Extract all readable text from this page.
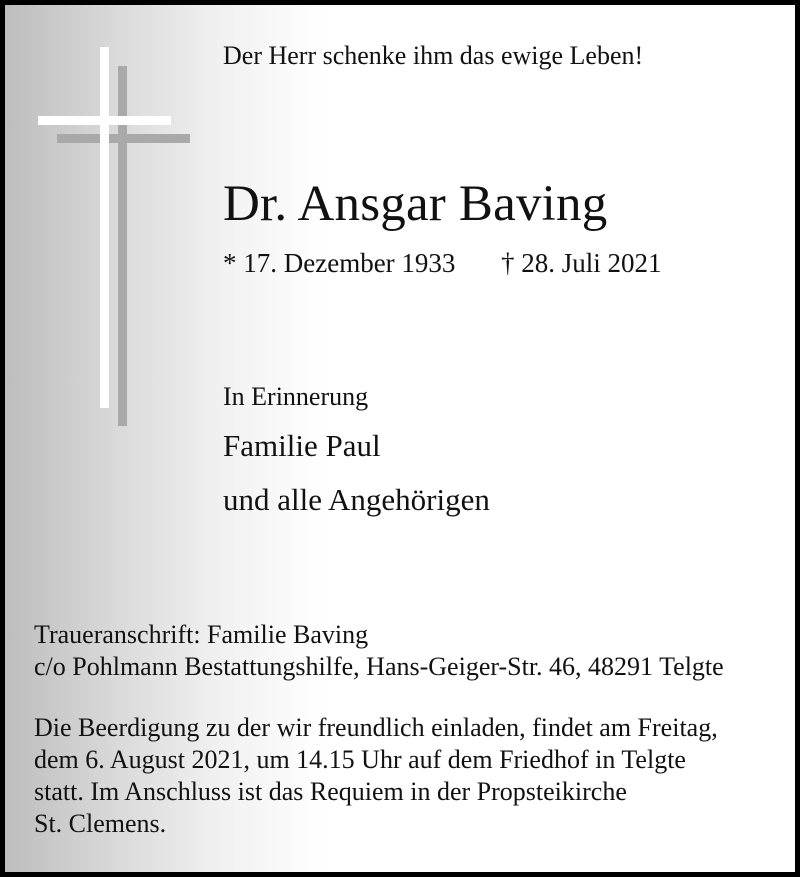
Der Herr schenke ihm das ewige Leben!

Dr. Ansgar Baving

* 17. Dezember 1933 † 28. Juli 2021

In Erinnerung

Familie Paul

und alle Angehörigen

Traueranschrift: Familie Baving

c/o Pohlmann Bestattungshilfe, Hans-Geiger-Str. 46, 48291 Telgte

Die Beerdigung zu der wir freundlich einladen, findet am Freitag,
dem 6. August 2021, um 14.15 Uhr auf dem Friedhof in Telgte
statt. Im Anschluss ist das Requiem in der Propsteikirche
St. Clemens.
